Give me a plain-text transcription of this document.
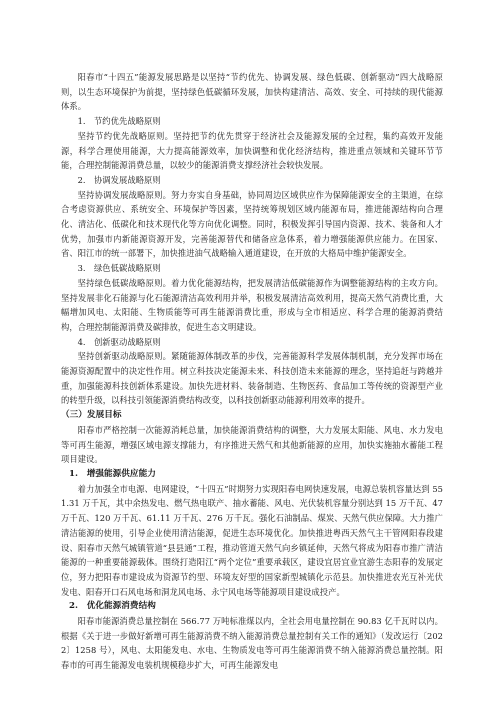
阳春市“十四五”能源发展思路是以坚持“节约优先、协调发展、绿色低碳、创新驱动”四大战略原则，以生态环境保护为前提，坚持绿色低碳循环发展，加快构建清洁、高效、安全、可持续的现代能源体系。

1.　节约优先战略原则

坚持节约优先战略原则。坚持把节约优先贯穿于经济社会及能源发展的全过程，集约高效开发能源，科学合理使用能源，大力提高能源效率，加快调整和优化经济结构，推进重点领域和关键环节节能，合理控制能源消费总量，以较少的能源消费支撑经济社会较快发展。

2.　协调发展战略原则

坚持协调发展战略原则。努力夯实自身基础，协同周边区域供应作为保障能源安全的主渠道，在综合考虑资源供应、系统安全、环境保护等因素，坚持统筹规划区域内能源布局，推进能源结构向合理化、清洁化、低碳化和技术现代化等方向优化调整。同时，积极发挥引导国内资源、技术、装备和人才优势，加强市内新能源资源开发，完善能源替代和储备应急体系，着力增强能源供应能力。在国家、省、阳江市的统一部署下，加快推进油气战略输入通道建设，在开放的大格局中维护能源安全。

3.　绿色低碳战略原则

坚持绿色低碳战略原则。着力优化能源结构，把发展清洁低碳能源作为调整能源结构的主攻方向。坚持发展非化石能源与化石能源清洁高效利用并举，积极发展清洁高效利用，提高天然气消费比重，大幅增加风电、太阳能、生物质能等可再生能源消费比重，形成与全市相适应、科学合理的能源消费结构，合理控制能源消费及碳排放，促进生态文明建设。

4.　创新驱动战略原则

坚持创新驱动战略原则。紧随能源体制改革的步伐，完善能源科学发展体制机制，充分发挥市场在能源资源配置中的决定性作用。树立科技决定能源未来、科技创造未来能源的理念，坚持追赶与跨越并重，加强能源科技创新体系建设。加快先进材料、装备制造、生物医药、食品加工等传统的资源型产业的转型升级，以科技引领能源消费结构改变，以科技创新驱动能源利用效率的提升。

（三）发展目标

阳春市严格控制一次能源消耗总量，加快能源消费结构的调整，大力发展太阳能、风电、水力发电等可再生能源，增强区域电源支撑能力，有序推进天然气和其他新能源的应用，加快实施抽水蓄能工程项目建设。

1.　增强能源供应能力

着力加强全市电源、电网建设，“十四五”时期努力实现阳春电网快速发展，电源总装机容量达到 551.31 万千瓦，其中余热发电、燃气热电联产、抽水蓄能、风电、光伏装机容量分别达到 15 万千瓦、47 万千瓦、120 万千瓦、61.11 万千瓦、276 万千瓦。强化石油制品、煤炭、天然气供应保障。大力推广清洁能源的使用，引导企业使用清洁能源，促进生态环境优化。加快推进粤西天然气主干管网阳春段建设、阳春市天然气城镇管道“县县通”工程，推动管道天然气向乡镇延伸，天然气将成为阳春市推广清洁能源的一种重要能源载体。围绕打造阳江“两个定位”重要承载区，建设宜居宜业宜游生态阳春的发展定位，努力把阳春市建设成为资源节约型、环境友好型的国家新型城镇化示范县。加快推进农光互补光伏发电、阳春开口石风电场和洞龙风电场、永宁风电场等能源项目建设成投产。

2.　优化能源消费结构

阳春市能源消费总量控制在 566.77 万吨标准煤以内，全社会用电量控制在 90.83 亿千瓦时以内。根据《关于进一步做好新增可再生能源消费不纳入能源消费总量控制有关工作的通知》（发改运行〔2022〕1258 号），风电、太阳能发电、水电、生物质发电等可再生能源消费不纳入能源消费总量控制。阳春市的可再生能源发电装机规模稳步扩大，可再生能源发电
